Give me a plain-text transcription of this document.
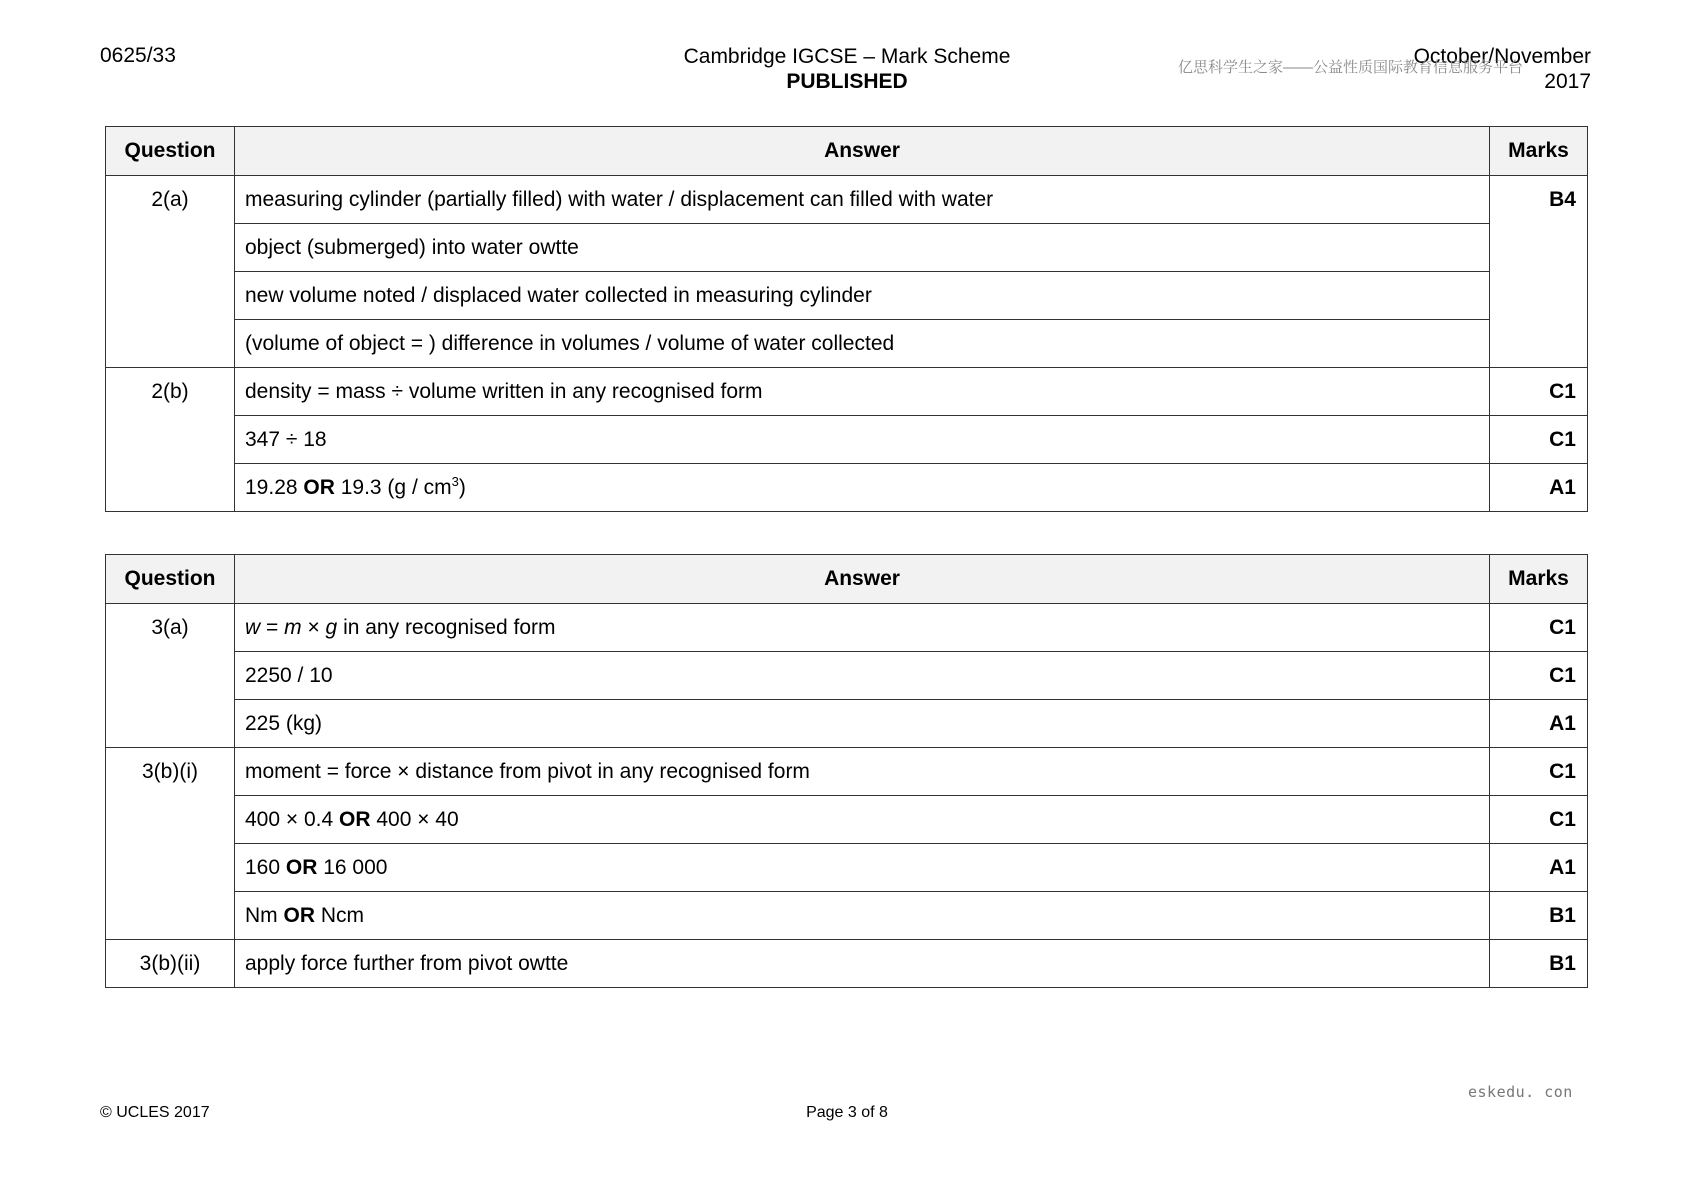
0625/33	Cambridge IGCSE – Mark Scheme
PUBLISHED
October/November
2017
亿思科学生之家——公益性质国际教育信息服务平台
Question	Answer	Marks
2(a)	measuring cylinder (partially filled) with water / displacement can filled with water	B4
	object (submerged) into water owtte	
	new volume noted / displaced water collected in measuring cylinder	
	(volume of object = ) difference in volumes / volume of water collected	
2(b)	density = mass ÷ volume written in any recognised form	C1
	347 ÷ 18	C1
	19.28 OR 19.3 $(g / cm^3)$	A1
Question	Answer	Marks
3(a)	w = m × g in any recognised form	C1
	2250 / 10	C1
	225 (kg)	A1
3(b)(i)	moment = force × distance from pivot in any recognised form	C1
	400 × 0.4 OR 400 × 40	C1
	160 OR 16 000	A1
	Nm OR Ncm	B1
3(b)(ii)	apply force further from pivot owtte	B1
eskedu. con
© UCLES 2017	Page 3 of 8
